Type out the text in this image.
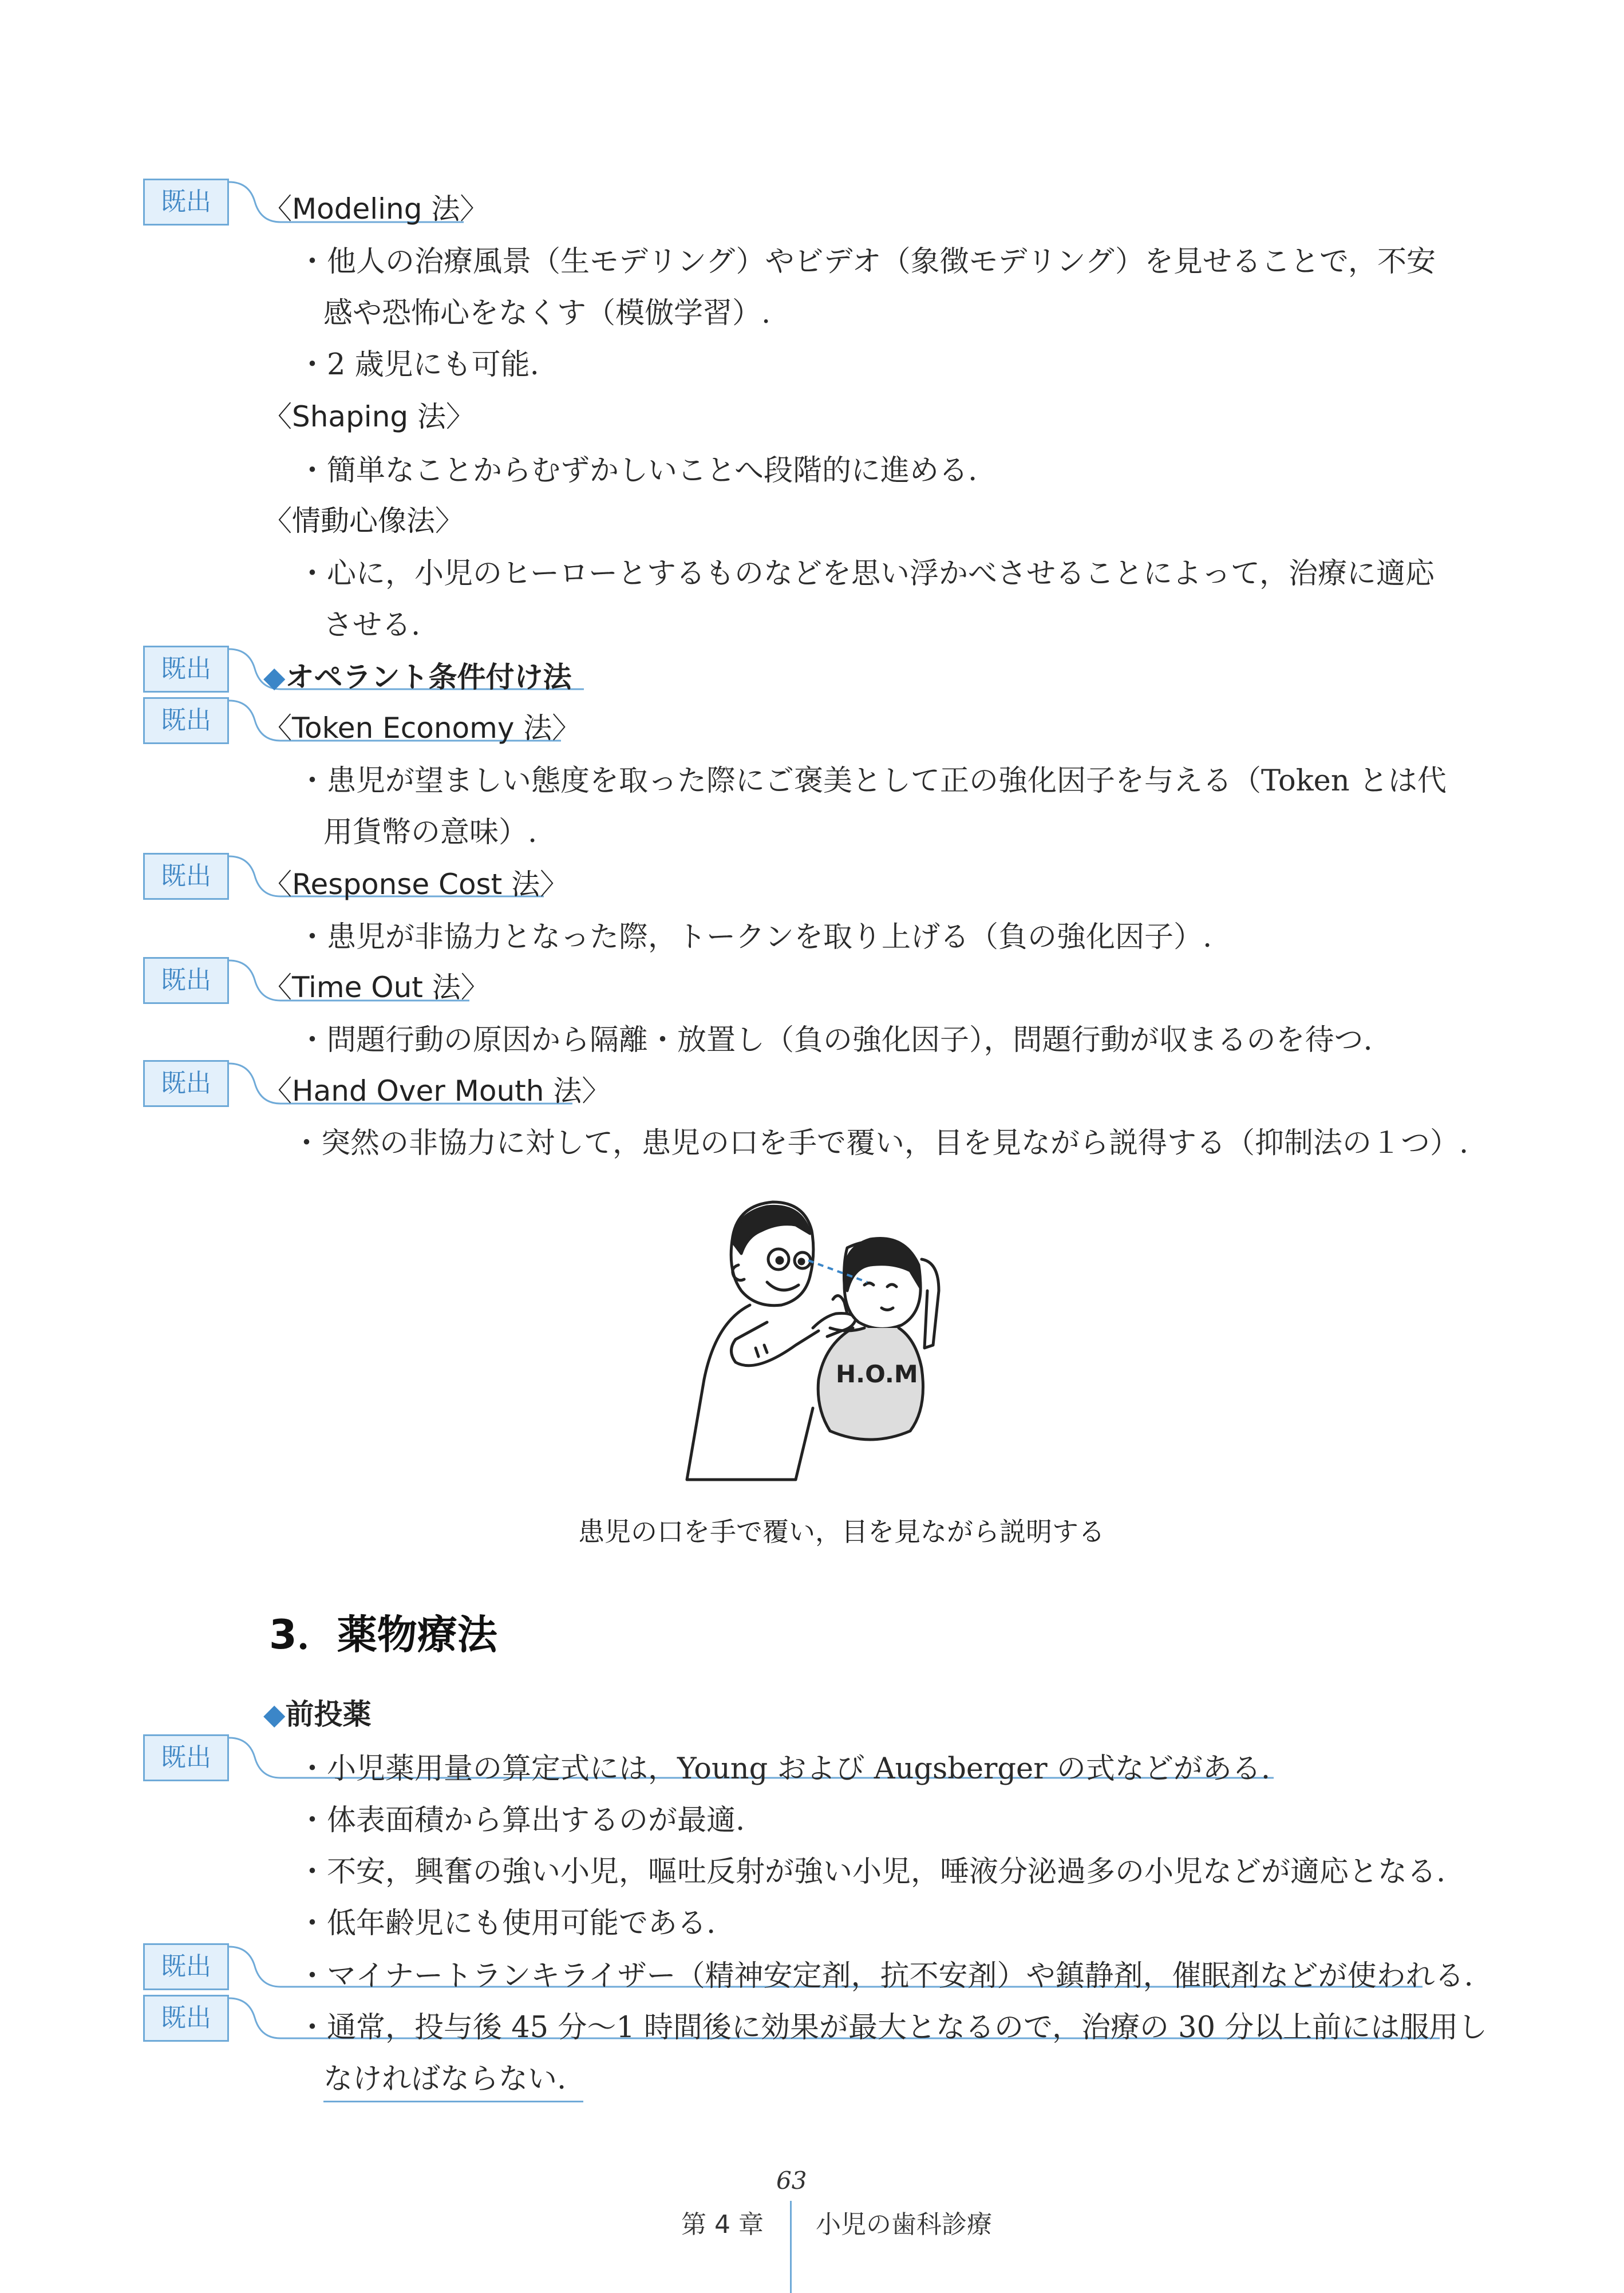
既出	〈Modeling 法〉
・他人の治療風景（生モデリング）やビデオ（象徴モデリング）を見せることで，不安
感や恐怖心をなくす（模倣学習）.
・2 歳児にも可能.
〈Shaping 法〉
・簡単なことからむずかしいことへ段階的に進める.
〈情動心像法〉
・心に，小児のヒーローとするものなどを思い浮かべさせることによって，治療に適応
させる.
既出	◆オペラント条件付け法
既出	〈Token Economy 法〉
・患児が望ましい態度を取った際にご褒美として正の強化因子を与える（Token とは代
用貨幣の意味）.
既出	〈Response Cost 法〉
・患児が非協力となった際，トークンを取り上げる（負の強化因子）.
既出	〈Time Out 法〉
・問題行動の原因から隔離・放置し（負の強化因子），問題行動が収まるのを待つ.
既出	〈Hand Over Mouth 法〉
・突然の非協力に対して，患児の口を手で覆い，目を見ながら説得する（抑制法の１つ）.
H.O.M
患児の口を手で覆い，目を見ながら説明する
3．薬物療法
◆前投薬
既出	・小児薬用量の算定式には，Young および Augsberger の式などがある.
・体表面積から算出するのが最適.
・不安，興奮の強い小児，嘔吐反射が強い小児，唾液分泌過多の小児などが適応となる.
・低年齢児にも使用可能である.
既出	・マイナートランキライザー（精神安定剤，抗不安剤）や鎮静剤，催眠剤などが使われる.
既出	・通常，投与後 45 分～1 時間後に効果が最大となるので，治療の 30 分以上前には服用し
なければならない.
63
第 4 章 小児の歯科診療
